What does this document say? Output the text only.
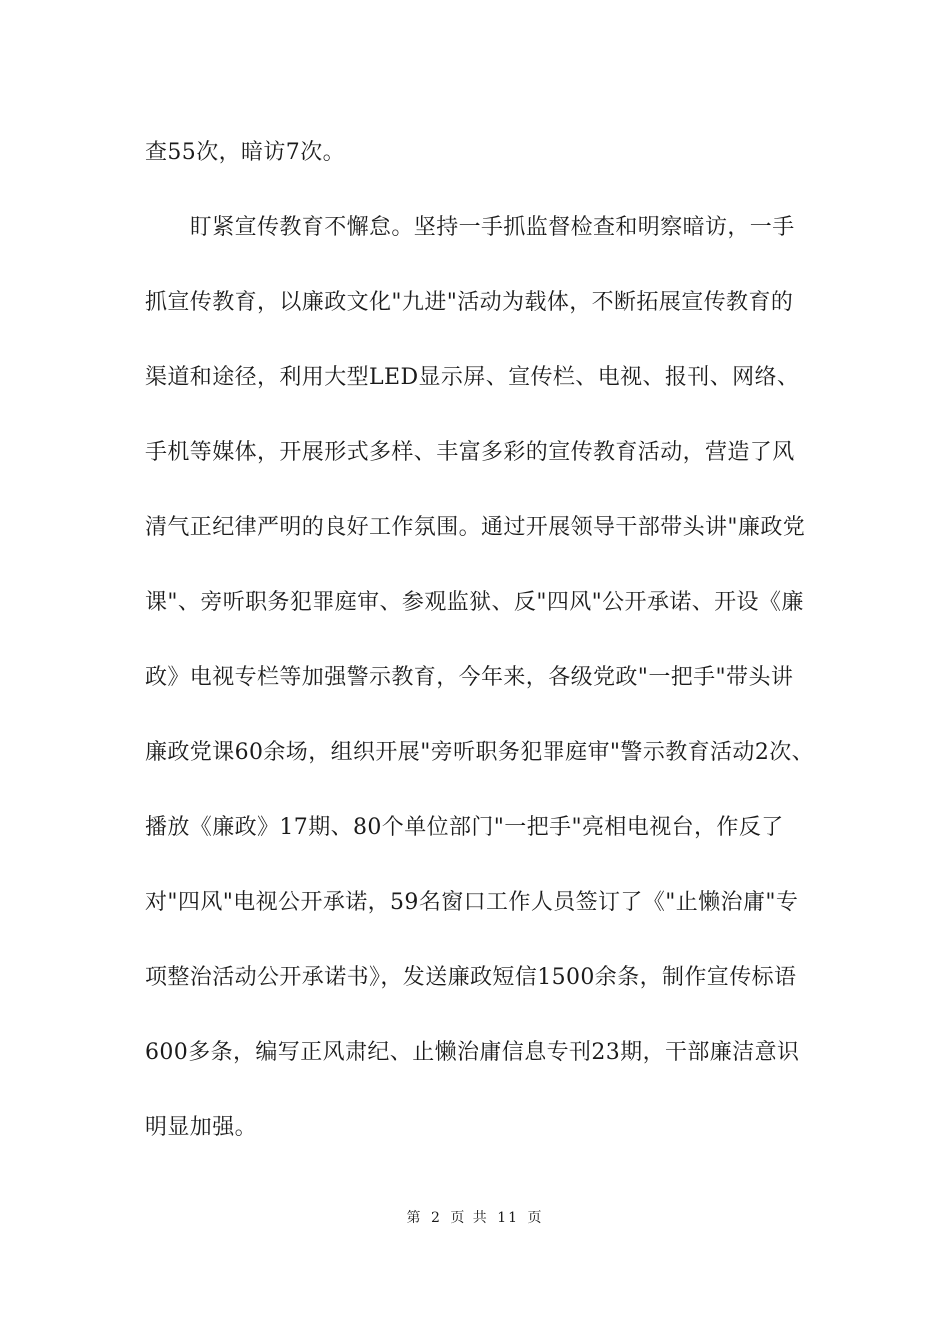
查55次，暗访7次。
　　盯紧宣传教育不懈怠。坚持一手抓监督检查和明察暗访，一手
抓宣传教育，以廉政文化"九进"活动为载体，不断拓展宣传教育的
渠道和途径，利用大型LED显示屏、宣传栏、电视、报刊、网络、
手机等媒体，开展形式多样、丰富多彩的宣传教育活动，营造了风
清气正纪律严明的良好工作氛围。通过开展领导干部带头讲"廉政党
课"、旁听职务犯罪庭审、参观监狱、反"四风"公开承诺、开设《廉
政》电视专栏等加强警示教育，今年来，各级党政"一把手"带头讲
廉政党课60余场，组织开展"旁听职务犯罪庭审"警示教育活动2次、
播放《廉政》17期、80个单位部门"一把手"亮相电视台，作反了
对"四风"电视公开承诺，59名窗口工作人员签订了《"止懒治庸"专
项整治活动公开承诺书》，发送廉政短信1500余条，制作宣传标语
600多条，编写正风肃纪、止懒治庸信息专刊23期，干部廉洁意识
明显加强。
第 2 页 共 11 页
